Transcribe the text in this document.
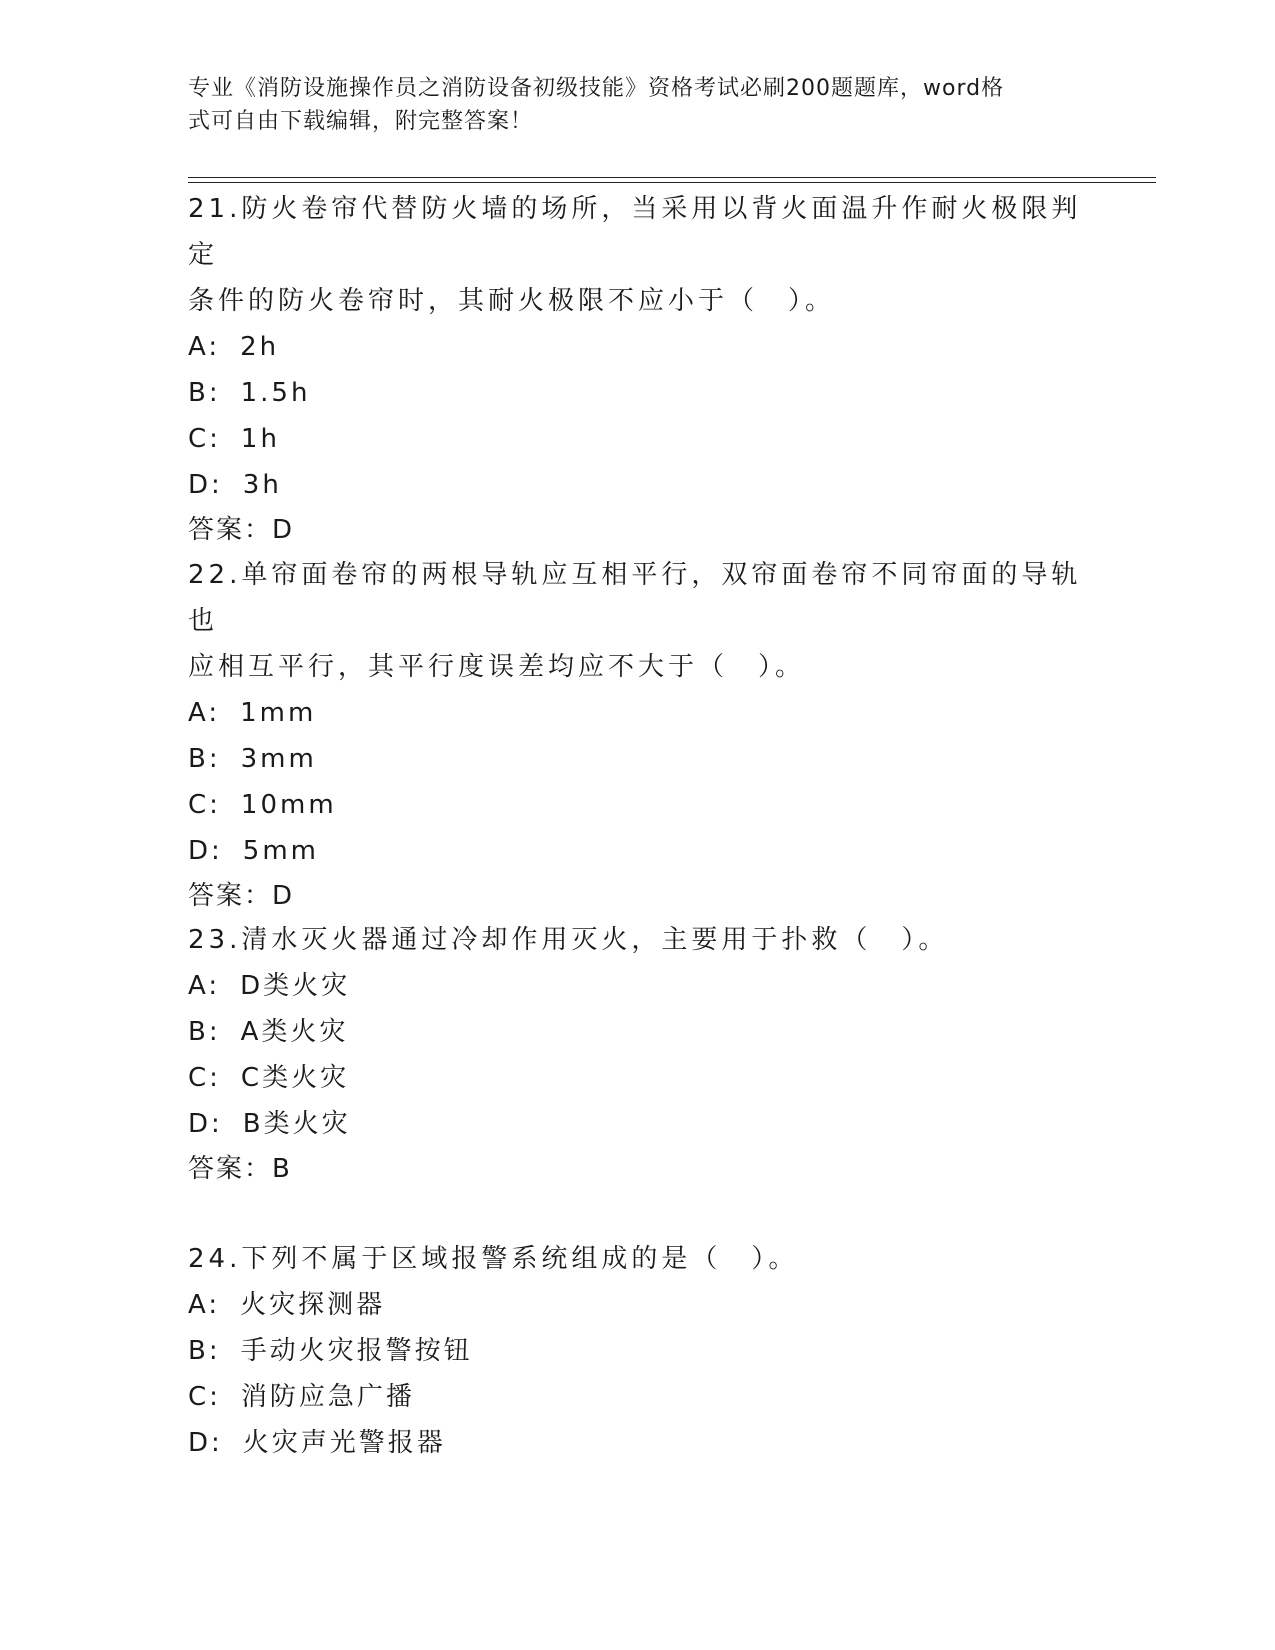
专业《消防设施操作员之消防设备初级技能》资格考试必刷200题题库，word格
式可自由下载编辑，附完整答案！

21.防火卷帘代替防火墙的场所，当采用以背火面温升作耐火极限判定

条件的防火卷帘时，其耐火极限不应小于（　）。

A: 2h

B: 1.5h

C: 1h

D: 3h

答案：D

22.单帘面卷帘的两根导轨应互相平行，双帘面卷帘不同帘面的导轨也

应相互平行，其平行度误差均应不大于（　）。

A: 1mm

B: 3mm

C: 10mm

D: 5mm

答案：D

23.清水灭火器通过冷却作用灭火，主要用于扑救（　）。

A: D类火灾

B: A类火灾

C: C类火灾

D: B类火灾

答案：B

24.下列不属于区域报警系统组成的是（　）。

A: 火灾探测器

B: 手动火灾报警按钮

C: 消防应急广播

D: 火灾声光警报器
